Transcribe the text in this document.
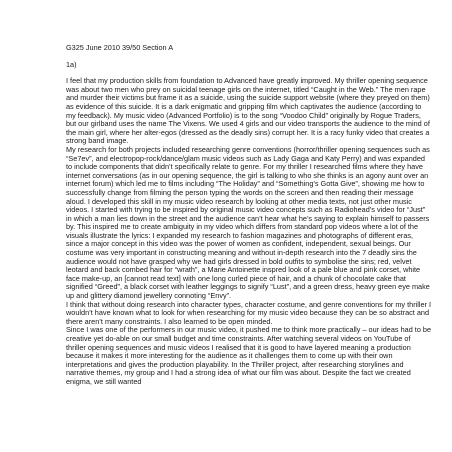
G325 June 2010 39/50 Section A
1a)

I feel that my production skills from foundation to Advanced have greatly improved. My thriller opening sequence was about two men who prey on suicidal teenage girls on the internet, titled “Caught in the Web.” The men rape and murder their victims but frame it as a suicide, using the suicide support website (where they preyed on them) as evidence of this suicide. It is a dark enigmatic and gripping film which captivates the audience (according to my feedback). My music video (Advanced Portfolio) is to the song “Voodoo Child” originally by Rogue Traders, but our girlband uses the name The Vixens. We used 4 girls and our video transports the audience to the mind of the main girl, where her alter-egos (dressed as the deadly sins) corrupt her. It is a racy funky video that creates a strong band image.

My research for both projects included researching genre conventions (horror/thriller opening sequences such as “Se7ev”, and electropop-rock/dance/glam music videos such as Lady Gaga and Katy Perry) and was expanded to include components that didn’t specifically relate to genre. For my thriller I researched films where they have internet conversations (as in our opening sequence, the girl is talking to who she thinks is an agony aunt over an internet forum) which led me to films including “The Holiday” and “Something’s Gotta Give”, showing me how to successfully change from filming the person typing the words on the screen and then reading their message aloud. I developed this skill in my music video research by looking at other media texts, not just other music videos. I started with trying to be inspired by original music video concepts such as Radiohead’s video for “Just” in which a man lies down in the street and the audience can’t hear what he’s saying to explain himself to passers by. This inspired me to create ambiguity in my video which differs from standard pop videos where a lot of the visuals illustrate the lyrics: I expanded my research to fashion magazines and photographs of different eras, since a major concept in this video was the power of women as confident, independent, sexual beings. Our costume was very important in constructing meaning and without in-depth research into the 7 deadly sins the audience would not have grasped why we had girls dressed in bold outfits to symbolise the sins; red, velvet leotard and back combed hair for “wrath”, a Marie Antoinette inspred look of a pale blue and pink corset, white face make-up, an [cannot read text] with one long curled piece of hair, and a chunk of chocolate cake that signified “Greed”, a black corset with leather leggings to signify “Lust”, and a green dress, heavy green eye make up and glittery diamond jewellery connoting “Envy”.

I think that without doing research into character types, character costume, and genre conventions for my thriller I wouldn’t have known what to look for when researching for my music video because they can be so abstract and there aren’t many constraints. I also learned to be open minded.

Since I was one of the performers in our music video, it pushed me to think more practically – our ideas had to be creative yet do-able on our small budget and time constraints. After watching several videos on YouTube of thriller opening sequences and music videos I realised that it is good to have layered meaning a production because it makes it more interesting for the audience as it challenges them to come up with their own interpretations and gives the production playability. In the Thriller project, after researching storylines and narrative themes, my group and I had a strong idea of what our film was about. Despite the fact we created enigma, we still wanted
